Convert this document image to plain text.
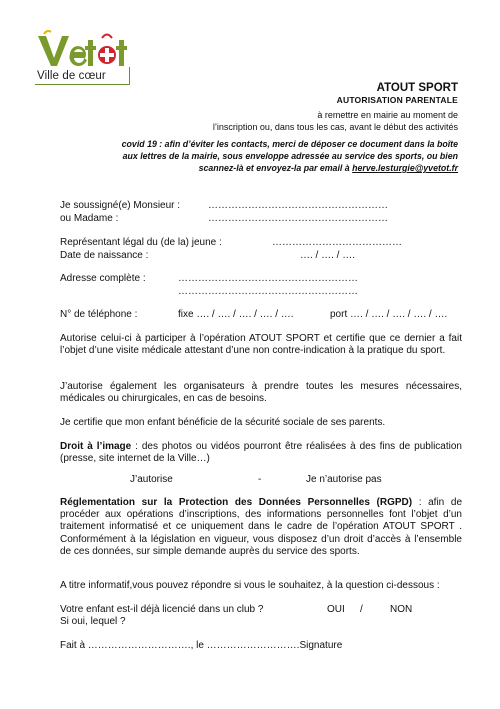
Ville de cœur
ATOUT SPORT
AUTORISATION PARENTALE
à remettre en mairie au moment de
l’inscription ou, dans tous les cas, avant le début des activités
covid 19 : afin d’éviter les contacts, merci de déposer ce document dans la boîte
aux lettres de la mairie, sous enveloppe adressée au service des sports, ou bien
scannez-là et envoyez-la par email à herve.lesturgie@yvetot.fr
Je soussigné(e) Monsieur :	………………………………………………
ou Madame :	………………………………………………
Représentant légal du (de la) jeune :	…………………………………
Date de naissance :	…. / …. / ….
Adresse complète :	………………………………………………
………………………………………………
N° de téléphone :	fixe …. / …. / …. / …. / ….	port …. / …. / …. / …. / ….
Autorise celui-ci à participer à l’opération ATOUT SPORT et certifie que ce dernier a fait l’objet d’une visite médicale attestant d’une non contre-indication à la pratique du sport.
J’autorise également les organisateurs à prendre toutes les mesures nécessaires, médicales ou chirurgicales, en cas de besoins.
Je certifie que mon enfant bénéficie de la sécurité sociale de ses parents.
Droit à l’image : des photos ou vidéos pourront être réalisées à des fins de publication (presse, site internet de la Ville…)
J’autorise	-	Je n’autorise pas
Réglementation sur la Protection des Données Personnelles (RGPD) : afin de procéder aux opérations d’inscriptions, des informations personnelles font l’objet d’un traitement informatisé et ce uniquement dans le cadre de l’opération ATOUT SPORT . Conformément à la législation en vigueur, vous disposez d’un droit d’accès à l’ensemble de ces données, sur simple demande auprès du service des sports.
A titre informatif,vous pouvez répondre si vous le souhaitez, à la question ci-dessous :
Votre enfant est-il déjà licencié dans un club ?	OUI /	NON
Si oui, lequel ?
Fait à …………………………., le ……………………….Signature
